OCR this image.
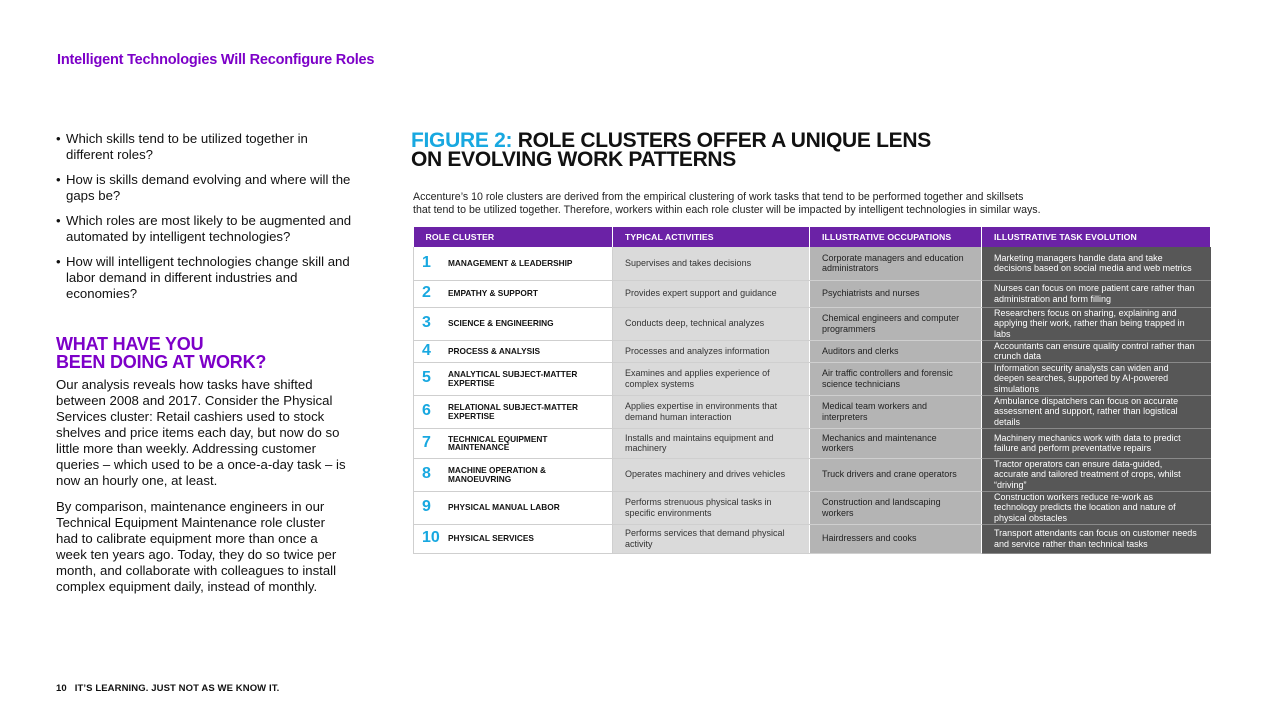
Intelligent Technologies Will Reconfigure Roles
• Which skills tend to be utilized together in different roles?
• How is skills demand evolving and where will the gaps be?
• Which roles are most likely to be augmented and automated by intelligent technologies?
• How will intelligent technologies change skill and labor demand in different industries and economies?
WHAT HAVE YOU
BEEN DOING AT WORK?

Our analysis reveals how tasks have shifted between 2008 and 2017. Consider the Physical Services cluster: Retail cashiers used to stock shelves and price items each day, but now do so little more than weekly. Addressing customer queries – which used to be a once-a-day task – is now an hourly one, at least.

By comparison, maintenance engineers in our Technical Equipment Maintenance role cluster had to calibrate equipment more than once a week ten years ago. Today, they do so twice per month, and collaborate with colleagues to install complex equipment daily, instead of monthly.

FIGURE 2: ROLE CLUSTERS OFFER A UNIQUE LENS
ON EVOLVING WORK PATTERNS
Accenture’s 10 role clusters are derived from the empirical clustering of work tasks that tend to be performed together and skillsets
that tend to be utilized together. Therefore, workers within each role cluster will be impacted by intelligent technologies in similar ways.
ROLE CLUSTER	TYPICAL ACTIVITIES	ILLUSTRATIVE OCCUPATIONS	ILLUSTRATIVE TASK EVOLUTION

1 MANAGEMENT & LEADERSHIP	Supervises and takes decisions	Corporate managers and education administrators	Marketing managers handle data and take decisions based on social media and web metrics

2 EMPATHY & SUPPORT	Provides expert support and guidance	Psychiatrists and nurses	Nurses can focus on more patient care rather than administration and form filling

3 SCIENCE & ENGINEERING	Conducts deep, technical analyzes	Chemical engineers and computer programmers	Researchers focus on sharing, explaining and applying their work, rather than being trapped in labs

4 PROCESS & ANALYSIS	Processes and analyzes information	Auditors and clerks	Accountants can ensure quality control rather than crunch data

5 ANALYTICAL SUBJECT-MATTER EXPERTISE	Examines and applies experience of complex systems	Air traffic controllers and forensic science technicians	Information security analysts can widen and deepen searches, supported by AI-powered simulations

6 RELATIONAL SUBJECT-MATTER EXPERTISE	Applies expertise in environments that demand human interaction	Medical team workers and interpreters	Ambulance dispatchers can focus on accurate assessment and support, rather than logistical details

7 TECHNICAL EQUIPMENT MAINTENANCE	Installs and maintains equipment and machinery	Mechanics and maintenance workers	Machinery mechanics work with data to predict failure and perform preventative repairs

8 MACHINE OPERATION & MANOEUVRING	Operates machinery and drives vehicles	Truck drivers and crane operators	Tractor operators can ensure data-guided, accurate and tailored treatment of crops, whilst “driving”

9 PHYSICAL MANUAL LABOR	Performs strenuous physical tasks in specific environments	Construction and landscaping workers	Construction workers reduce re-work as technology predicts the location and nature of physical obstacles

10 PHYSICAL SERVICES	Performs services that demand physical activity	Hairdressers and cooks	Transport attendants can focus on customer needs and service rather than technical tasks
10 IT’S LEARNING. JUST NOT AS WE KNOW IT.
